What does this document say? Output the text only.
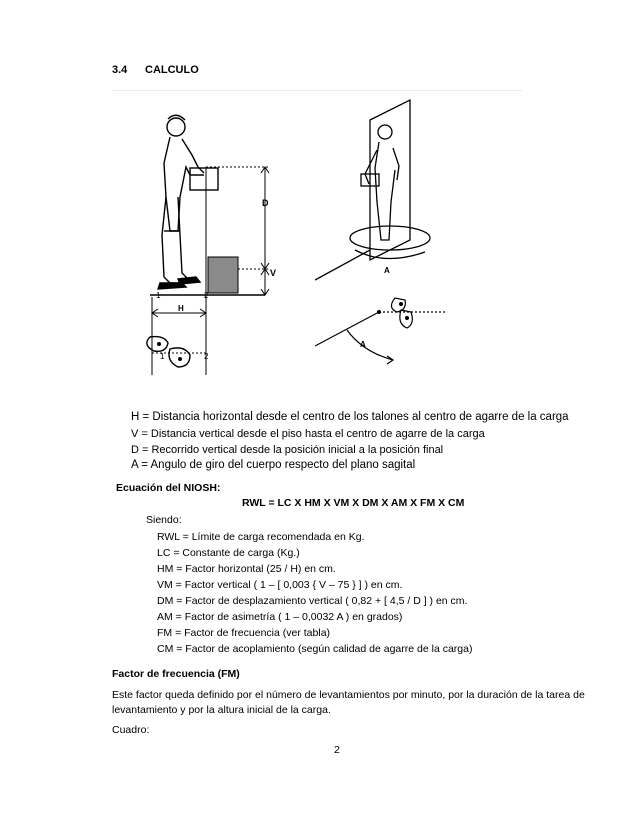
3.4 CALCULO
D
V
H
1	2
1	2
A
A
H = Distancia horizontal desde el centro de los talones al centro de agarre de la carga
V = Distancia vertical desde el piso hasta el centro de agarre de la carga
D = Recorrido vertical desde la posición inicial a la posición final
A = Angulo de giro del cuerpo respecto del plano sagital
Ecuación del NIOSH:
RWL = LC X HM X VM X DM X AM X FM X CM
Siendo:
RWL = Límite de carga recomendada en Kg.
LC = Constante de carga (Kg.)
HM = Factor horizontal (25 / H) en cm.
VM = Factor vertical ( 1 – [ 0,003 { V – 75 } ] ) en cm.
DM = Factor de desplazamiento vertical ( 0,82 + [ 4,5 / D ] ) en cm.
AM = Factor de asimetría ( 1 – 0,0032 A ) en grados)
FM = Factor de frecuencia (ver tabla)
CM = Factor de acoplamiento (según calidad de agarre de la carga)
Factor de frecuencia (FM)
Este factor queda definido por el número de levantamientos por minuto, por la duración de la tarea de
levantamiento y por la altura inicial de la carga.
Cuadro:
2
